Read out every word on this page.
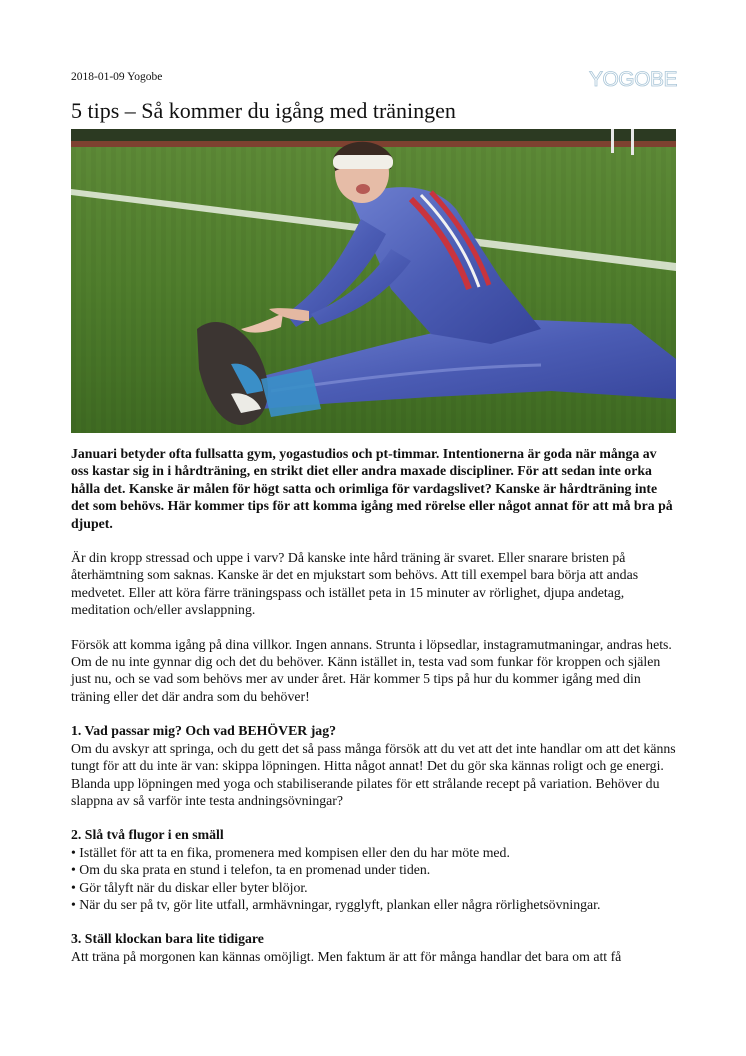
2018-01-09 Yogobe	YOGOBE
5 tips – Så kommer du igång med träningen

Januari betyder ofta fullsatta gym, yogastudios och pt-timmar. Intentionerna är goda när många av oss kastar sig in i hårdträning, en strikt diet eller andra maxade discipliner. För att sedan inte orka hålla det. Kanske är målen för högt satta och orimliga för vardagslivet? Kanske är hårdträning inte det som behövs. Här kommer tips för att komma igång med rörelse eller något annat för att må bra på djupet.

Är din kropp stressad och uppe i varv? Då kanske inte hård träning är svaret. Eller snarare bristen på återhämtning som saknas. Kanske är det en mjukstart som behövs. Att till exempel bara börja att andas medvetet. Eller att köra färre träningspass och istället peta in 15 minuter av rörlighet, djupa andetag, meditation och/eller avslappning.

Försök att komma igång på dina villkor. Ingen annans. Strunta i löpsedlar, instagramutmaningar, andras hets. Om de nu inte gynnar dig och det du behöver. Känn istället in, testa vad som funkar för kroppen och själen just nu, och se vad som behövs mer av under året. Här kommer 5 tips på hur du kommer igång med din träning eller det där andra som du behöver!

1. Vad passar mig? Och vad BEHÖVER jag?

Om du avskyr att springa, och du gett det så pass många försök att du vet att det inte handlar om att det känns tungt för att du inte är van: skippa löpningen. Hitta något annat! Det du gör ska kännas roligt och ge energi. Blanda upp löpningen med yoga och stabiliserande pilates för ett strålande recept på variation. Behöver du slappna av så varför inte testa andningsövningar?

2. Slå två flugor i en smäll
• Istället för att ta en fika, promenera med kompisen eller den du har möte med.
• Om du ska prata en stund i telefon, ta en promenad under tiden.
• Gör tålyft när du diskar eller byter blöjor.
• När du ser på tv, gör lite utfall, armhävningar, rygglyft, plankan eller några rörlighetsövningar.
3. Ställ klockan bara lite tidigare

Att träna på morgonen kan kännas omöjligt. Men faktum är att för många handlar det bara om att få
